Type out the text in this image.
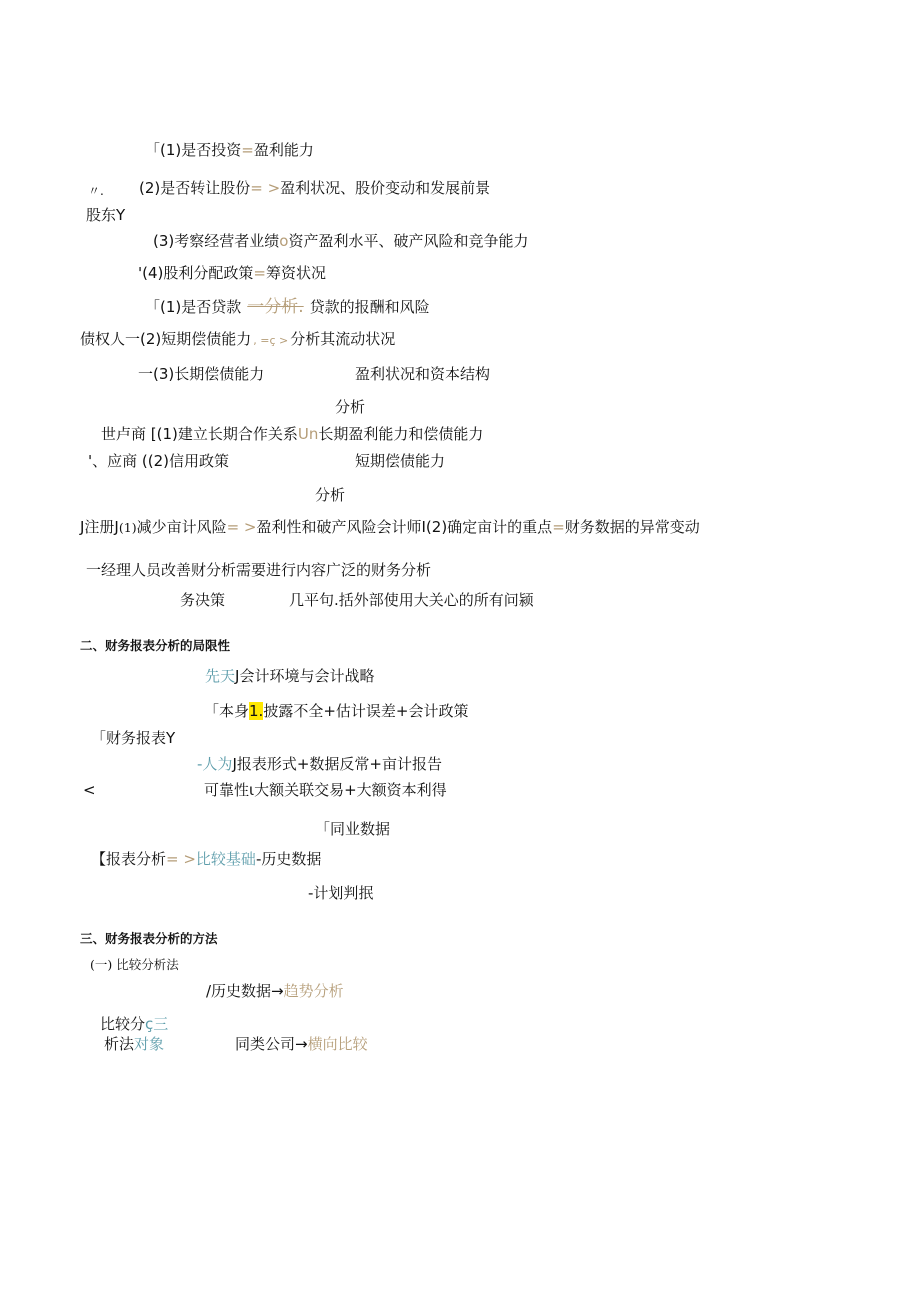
「(1)是否投资=盈利能力
〃. (2)是否转让股份= >盈利状况、股价变动和发展前景
股东Y
(3)考察经营者业绩o资产盈利水平、破产风险和竞争能力
'(4)股利分配政策=筹资状况
「(1)是否贷款 一分析. 贷款的报酬和风险
债权人一(2)短期偿债能力 , =ç > 分析其流动状况
一(3)长期偿债能力	盈利状况和资本结构
分析
世卢商 [(1)建立长期合作关系Un长期盈利能力和偿债能力
'、应商 ((2)信用政策	短期偿债能力
分析
J注册J(1)减少亩计风险= >盈利性和破产风险会计师I(2)确定亩计的重点=财务数据的异常变动
一经理人员改善财分析需要进行内容广泛的财务分析
务决策	几平句.括外部使用大关心的所有问颍
二、财务报表分析的局限性
先天J会计环境与会计战略
「本身1.披露不全+估计误差+会计政策
「财务报表Y
-人为J报表形式+数据反常+亩计报告
<	可靠性ι大额关联交易+大额资本利得
「同业数据
【报表分析= >比较基础-历史数据
-计划判抿
三、财务报表分析的方法
(一) 比较分析法
/历史数据→趋势分析
比较分ç三
析法对象	同类公司→横向比较
